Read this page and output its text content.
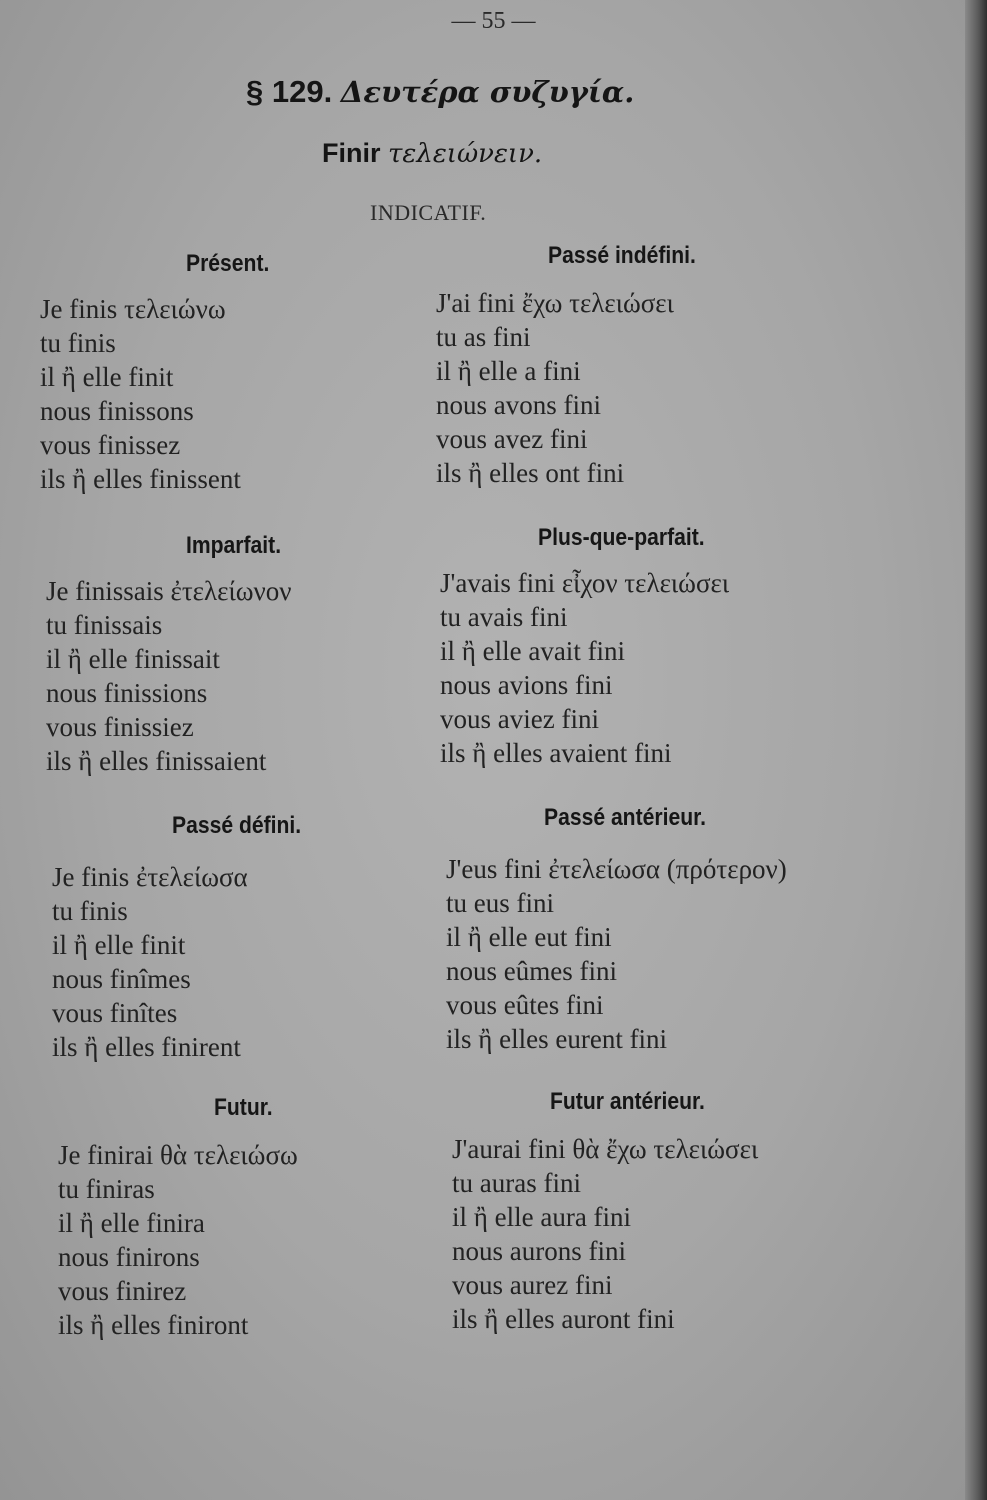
— 55 —
§ 129. Δευτέρα συζυγία.
Finir τελειώνειν.
INDICATIF.
Présent.
Je finis τελειώνω
tu finis
il ἢ elle finit
nous finissons
vous finissez
ils ἢ elles finissent
Passé indéfini.
J'ai fini ἔχω τελειώσει
tu as fini
il ἢ elle a fini
nous avons fini
vous avez fini
ils ἢ elles ont fini
Imparfait.
Je finissais ἐτελείωνον
tu finissais
il ἢ elle finissait
nous finissions
vous finissiez
ils ἢ elles finissaient
Plus-que-parfait.
J'avais fini εἶχον τελειώσει
tu avais fini
il ἢ elle avait fini
nous avions fini
vous aviez fini
ils ἢ elles avaient fini
Passé défini.
Je finis ἐτελείωσα
tu finis
il ἢ elle finit
nous finîmes
vous finîtes
ils ἢ elles finirent
Passé antérieur.
J'eus fini ἐτελείωσα (πρότερον)
tu eus fini
il ἢ elle eut fini
nous eûmes fini
vous eûtes fini
ils ἢ elles eurent fini
Futur.
Je finirai θὰ τελειώσω
tu finiras
il ἢ elle finira
nous finirons
vous finirez
ils ἢ elles finiront
Futur antérieur.
J'aurai fini θὰ ἔχω τελειώσει
tu auras fini
il ἢ elle aura fini
nous aurons fini
vous aurez fini
ils ἢ elles auront fini
